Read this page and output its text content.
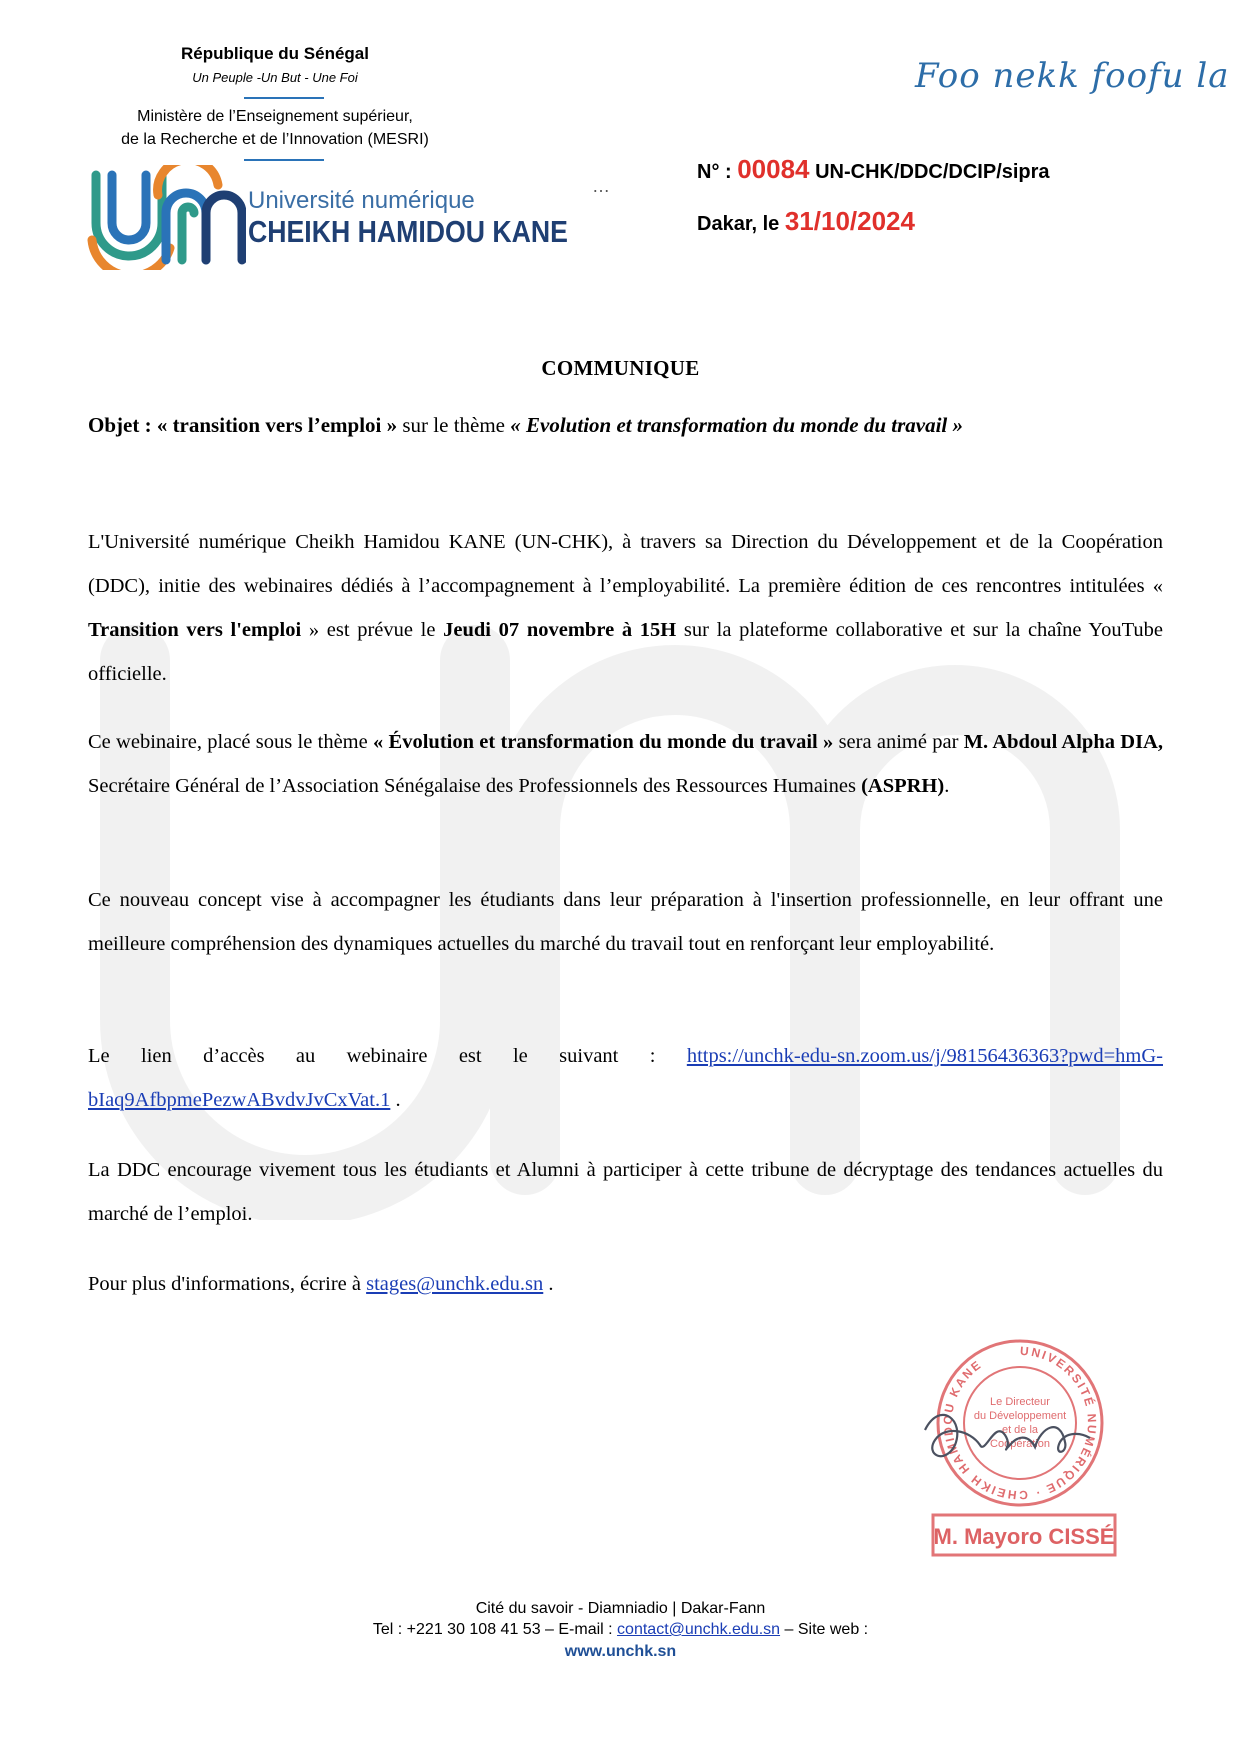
République du Sénégal
Un Peuple -Un But - Une Foi
Ministère de l’Enseignement supérieur,
de la Recherche et de l’Innovation (MESRI)
Université numérique
CHEIKH HAMIDOU KANE
Foo nekk foofu la
…
N° : 00084 UN-CHK/DDC/DCIP/sipra
Dakar, le 31/10/2024
COMMUNIQUE
Objet : « transition vers l’emploi » sur le thème « Evolution et transformation du monde du travail »
L'Université numérique Cheikh Hamidou KANE (UN-CHK), à travers sa Direction du Développement et de la Coopération (DDC), initie des webinaires dédiés à l’accompagnement à l’employabilité. La première édition de ces rencontres intitulées « Transition vers l'emploi » est prévue le Jeudi 07 novembre à 15H sur la plateforme collaborative et sur la chaîne YouTube officielle.
Ce webinaire, placé sous le thème « Évolution et transformation du monde du travail » sera animé par M. Abdoul Alpha DIA, Secrétaire Général de l’Association Sénégalaise des Professionnels des Ressources Humaines (ASPRH).
Ce nouveau concept vise à accompagner les étudiants dans leur préparation à l'insertion professionnelle, en leur offrant une meilleure compréhension des dynamiques actuelles du marché du travail tout en renforçant leur employabilité.
Le lien d’accès au webinaire est le suivant : https://unchk-edu-sn.zoom.us/j/98156436363?pwd=hmG-bIaq9AfbpmePezwABvdvJvCxVat.1 .
La DDC encourage vivement tous les étudiants et Alumni à participer à cette tribune de décryptage des tendances actuelles du marché de l’emploi.
Pour plus d'informations, écrire à stages@unchk.edu.sn .
UNIVERSITÉ NUMÉRIQUE · CHEIKH HAMIDOU KANE
Le Directeur
du Développement
et de la
Coopération
M. Mayoro CISSÉ
Cité du savoir - Diamniadio | Dakar-Fann
Tel : +221 30 108 41 53 – E-mail : contact@unchk.edu.sn – Site web :
www.unchk.sn
